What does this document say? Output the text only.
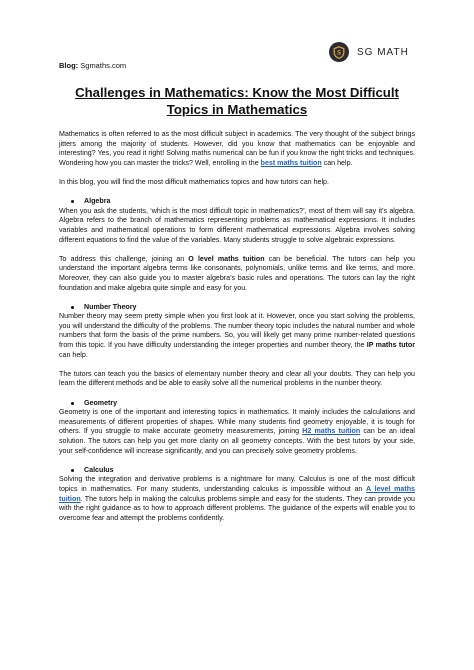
Blog: Sgmaths.com
S SG MATH
Challenges in Mathematics: Know the Most Difficult
Topics in Mathematics

Mathematics is often referred to as the most difficult subject in academics. The very thought of the subject brings jitters among the majority of students. However, did you know that mathematics can be enjoyable and interesting? Yes, you read it right! Solving maths numerical can be fun if you know the right tricks and techniques. Wondering how you can master the tricks? Well, enrolling in the best maths tuition can help.

In this blog, you will find the most difficult mathematics topics and how tutors can help.

Algebra

When you ask the students, ‘which is the most difficult topic in mathematics?’, most of them will say it’s algebra. Algebra refers to the branch of mathematics representing problems as mathematical expressions. It includes variables and mathematical operations to form different mathematical expressions. Algebra involves solving different equations to find the value of the variables. Many students struggle to solve algebraic expressions.

To address this challenge, joining an O level maths tuition can be beneficial. The tutors can help you understand the important algebra terms like consonants, polynomials, unlike terms and like terms, and more. Moreover, they can also guide you to master algebra’s basic rules and operations. The tutors can lay the right foundation and make algebra quite simple and easy for you.

Number Theory

Number theory may seem pretty simple when you first look at it. However, once you start solving the problems, you will understand the difficulty of the problems. The number theory topic includes the natural number and whole numbers that form the basis of the prime numbers. So, you will likely get many prime number-related questions from this topic. If you have difficulty understanding the integer properties and number theory, the IP maths tutor can help.

The tutors can teach you the basics of elementary number theory and clear all your doubts. They can help you learn the different methods and be able to easily solve all the numerical problems in the number theory.

Geometry

Geometry is one of the important and interesting topics in mathematics. It mainly includes the calculations and measurements of different properties of shapes. While many students find geometry enjoyable, it is tough for others. If you struggle to make accurate geometry measurements, joining H2 maths tuition can be an ideal solution. The tutors can help you get more clarity on all geometry concepts. With the best tutors by your side, your self-confidence will increase significantly, and you can precisely solve geometry problems.

Calculus

Solving the integration and derivative problems is a nightmare for many. Calculus is one of the most difficult topics in mathematics. For many students, understanding calculus is impossible without an A level maths tuition. The tutors help in making the calculus problems simple and easy for the students. They can provide you with the right guidance as to how to approach different problems. The guidance of the experts will enable you to overcome fear and attempt the problems confidently.
